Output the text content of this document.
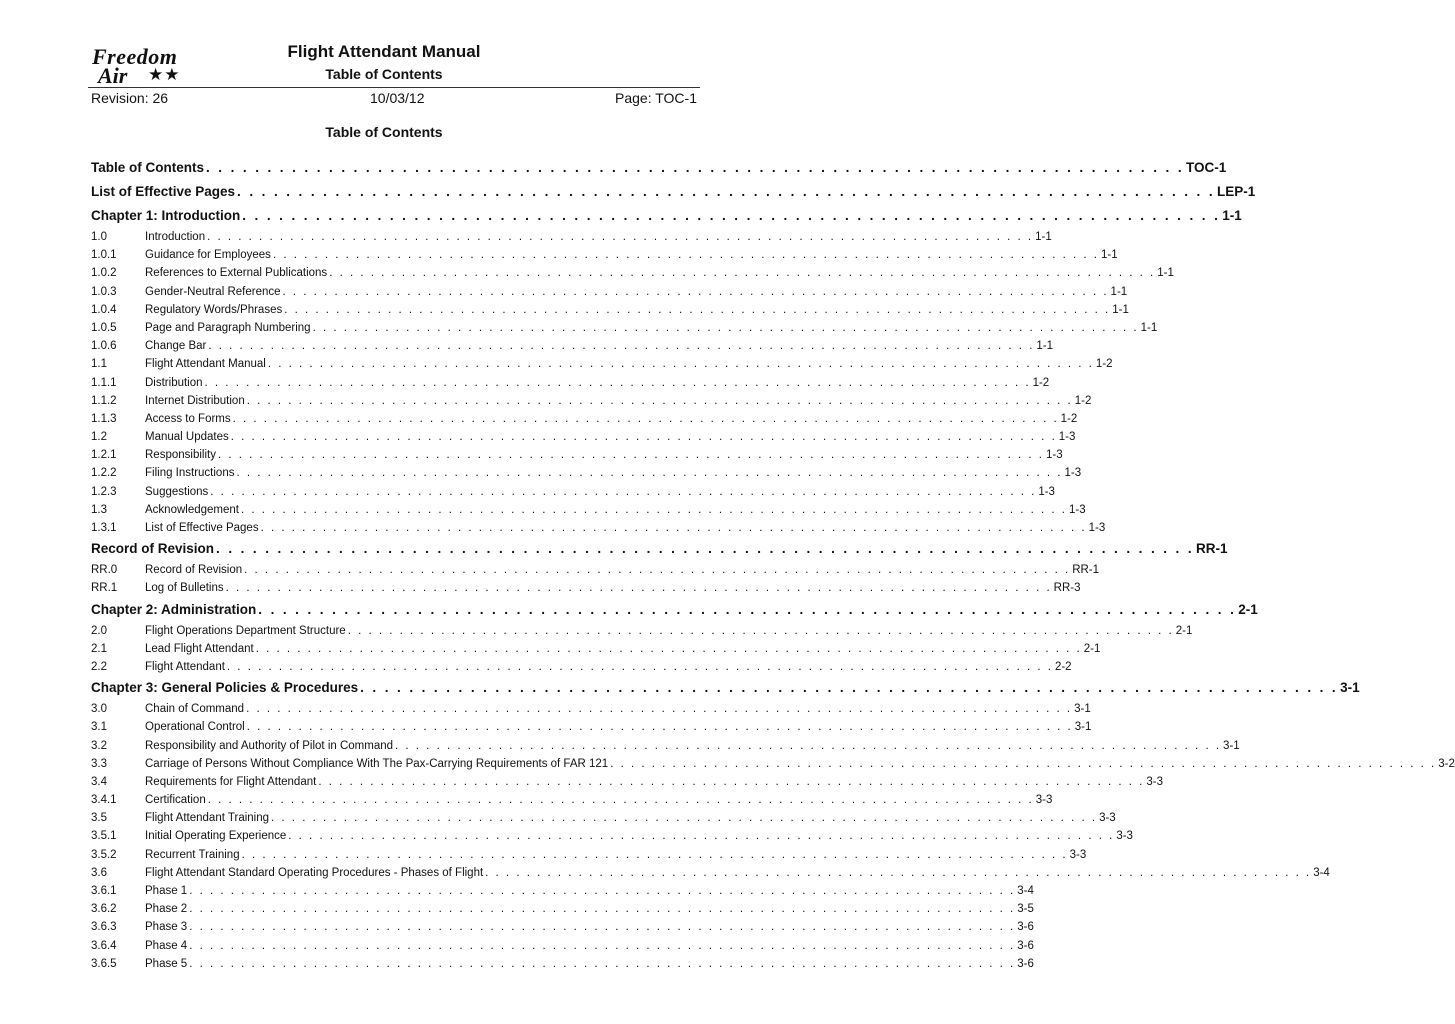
Freedom
Air ★★
Flight Attendant Manual
Table of Contents
Revision: 26	10/03/12	Page: TOC-1
Table of Contents
Table of Contents . . . . . . . . . . . . . . . . . . . . . . . . . . . . . . . . . . . . . . . . . . . . . . . . . . . . . . . . . . . . . . . . . . . . . . . . . . . . . . . . TOC-1
List of Effective Pages . . . . . . . . . . . . . . . . . . . . . . . . . . . . . . . . . . . . . . . . . . . . . . . . . . . . . . . . . . . . . . . . . . . . . . . . . . . . . . . . LEP-1
Chapter 1: Introduction . . . . . . . . . . . . . . . . . . . . . . . . . . . . . . . . . . . . . . . . . . . . . . . . . . . . . . . . . . . . . . . . . . . . . . . . . . . . . . . . 1-1
1.0	Introduction . . . . . . . . . . . . . . . . . . . . . . . . . . . . . . . . . . . . . . . . . . . . . . . . . . . . . . . . . . . . . . . . . . . . . . . . . . . . . . . . 1-1
1.0.1	Guidance for Employees . . . . . . . . . . . . . . . . . . . . . . . . . . . . . . . . . . . . . . . . . . . . . . . . . . . . . . . . . . . . . . . . . . . . . . . . . . . . . . . . 1-1
1.0.2	References to External Publications . . . . . . . . . . . . . . . . . . . . . . . . . . . . . . . . . . . . . . . . . . . . . . . . . . . . . . . . . . . . . . . . . . . . . . . . . . . . . . . . 1-1
1.0.3	Gender-Neutral Reference . . . . . . . . . . . . . . . . . . . . . . . . . . . . . . . . . . . . . . . . . . . . . . . . . . . . . . . . . . . . . . . . . . . . . . . . . . . . . . . . 1-1
1.0.4	Regulatory Words/Phrases . . . . . . . . . . . . . . . . . . . . . . . . . . . . . . . . . . . . . . . . . . . . . . . . . . . . . . . . . . . . . . . . . . . . . . . . . . . . . . . . 1-1
1.0.5	Page and Paragraph Numbering . . . . . . . . . . . . . . . . . . . . . . . . . . . . . . . . . . . . . . . . . . . . . . . . . . . . . . . . . . . . . . . . . . . . . . . . . . . . . . . . 1-1
1.0.6	Change Bar . . . . . . . . . . . . . . . . . . . . . . . . . . . . . . . . . . . . . . . . . . . . . . . . . . . . . . . . . . . . . . . . . . . . . . . . . . . . . . . . 1-1
1.1	Flight Attendant Manual . . . . . . . . . . . . . . . . . . . . . . . . . . . . . . . . . . . . . . . . . . . . . . . . . . . . . . . . . . . . . . . . . . . . . . . . . . . . . . . . 1-2
1.1.1	Distribution . . . . . . . . . . . . . . . . . . . . . . . . . . . . . . . . . . . . . . . . . . . . . . . . . . . . . . . . . . . . . . . . . . . . . . . . . . . . . . . . 1-2
1.1.2	Internet Distribution . . . . . . . . . . . . . . . . . . . . . . . . . . . . . . . . . . . . . . . . . . . . . . . . . . . . . . . . . . . . . . . . . . . . . . . . . . . . . . . . 1-2
1.1.3	Access to Forms . . . . . . . . . . . . . . . . . . . . . . . . . . . . . . . . . . . . . . . . . . . . . . . . . . . . . . . . . . . . . . . . . . . . . . . . . . . . . . . . 1-2
1.2	Manual Updates . . . . . . . . . . . . . . . . . . . . . . . . . . . . . . . . . . . . . . . . . . . . . . . . . . . . . . . . . . . . . . . . . . . . . . . . . . . . . . . . 1-3
1.2.1	Responsibility . . . . . . . . . . . . . . . . . . . . . . . . . . . . . . . . . . . . . . . . . . . . . . . . . . . . . . . . . . . . . . . . . . . . . . . . . . . . . . . . 1-3
1.2.2	Filing Instructions . . . . . . . . . . . . . . . . . . . . . . . . . . . . . . . . . . . . . . . . . . . . . . . . . . . . . . . . . . . . . . . . . . . . . . . . . . . . . . . . 1-3
1.2.3	Suggestions . . . . . . . . . . . . . . . . . . . . . . . . . . . . . . . . . . . . . . . . . . . . . . . . . . . . . . . . . . . . . . . . . . . . . . . . . . . . . . . . 1-3
1.3	Acknowledgement . . . . . . . . . . . . . . . . . . . . . . . . . . . . . . . . . . . . . . . . . . . . . . . . . . . . . . . . . . . . . . . . . . . . . . . . . . . . . . . . 1-3
1.3.1	List of Effective Pages . . . . . . . . . . . . . . . . . . . . . . . . . . . . . . . . . . . . . . . . . . . . . . . . . . . . . . . . . . . . . . . . . . . . . . . . . . . . . . . . 1-3
Record of Revision . . . . . . . . . . . . . . . . . . . . . . . . . . . . . . . . . . . . . . . . . . . . . . . . . . . . . . . . . . . . . . . . . . . . . . . . . . . . . . . . RR-1
RR.0	Record of Revision . . . . . . . . . . . . . . . . . . . . . . . . . . . . . . . . . . . . . . . . . . . . . . . . . . . . . . . . . . . . . . . . . . . . . . . . . . . . . . . . RR-1
RR.1	Log of Bulletins . . . . . . . . . . . . . . . . . . . . . . . . . . . . . . . . . . . . . . . . . . . . . . . . . . . . . . . . . . . . . . . . . . . . . . . . . . . . . . . . RR-3
Chapter 2: Administration . . . . . . . . . . . . . . . . . . . . . . . . . . . . . . . . . . . . . . . . . . . . . . . . . . . . . . . . . . . . . . . . . . . . . . . . . . . . . . . . 2-1
2.0	Flight Operations Department Structure . . . . . . . . . . . . . . . . . . . . . . . . . . . . . . . . . . . . . . . . . . . . . . . . . . . . . . . . . . . . . . . . . . . . . . . . . . . . . . . . 2-1
2.1	Lead Flight Attendant . . . . . . . . . . . . . . . . . . . . . . . . . . . . . . . . . . . . . . . . . . . . . . . . . . . . . . . . . . . . . . . . . . . . . . . . . . . . . . . . 2-1
2.2	Flight Attendant . . . . . . . . . . . . . . . . . . . . . . . . . . . . . . . . . . . . . . . . . . . . . . . . . . . . . . . . . . . . . . . . . . . . . . . . . . . . . . . . 2-2
Chapter 3: General Policies & Procedures . . . . . . . . . . . . . . . . . . . . . . . . . . . . . . . . . . . . . . . . . . . . . . . . . . . . . . . . . . . . . . . . . . . . . . . . . . . . . . . . 3-1
3.0	Chain of Command . . . . . . . . . . . . . . . . . . . . . . . . . . . . . . . . . . . . . . . . . . . . . . . . . . . . . . . . . . . . . . . . . . . . . . . . . . . . . . . . 3-1
3.1	Operational Control . . . . . . . . . . . . . . . . . . . . . . . . . . . . . . . . . . . . . . . . . . . . . . . . . . . . . . . . . . . . . . . . . . . . . . . . . . . . . . . . 3-1
3.2	Responsibility and Authority of Pilot in Command . . . . . . . . . . . . . . . . . . . . . . . . . . . . . . . . . . . . . . . . . . . . . . . . . . . . . . . . . . . . . . . . . . . . . . . . . . . . . . . . 3-1
3.3	Carriage of Persons Without Compliance With The Pax-Carrying Requirements of FAR 121 . . . . . . . . . . . . . . . . . . . . . . . . . . . . . . . . . . . . . . . . . . . . . . . . . . . . . . . . . . . . . . . . . . . . . . . . . . . . . . . . 3-2
3.4	Requirements for Flight Attendant . . . . . . . . . . . . . . . . . . . . . . . . . . . . . . . . . . . . . . . . . . . . . . . . . . . . . . . . . . . . . . . . . . . . . . . . . . . . . . . . 3-3
3.4.1	Certification . . . . . . . . . . . . . . . . . . . . . . . . . . . . . . . . . . . . . . . . . . . . . . . . . . . . . . . . . . . . . . . . . . . . . . . . . . . . . . . . 3-3
3.5	Flight Attendant Training . . . . . . . . . . . . . . . . . . . . . . . . . . . . . . . . . . . . . . . . . . . . . . . . . . . . . . . . . . . . . . . . . . . . . . . . . . . . . . . . 3-3
3.5.1	Initial Operating Experience . . . . . . . . . . . . . . . . . . . . . . . . . . . . . . . . . . . . . . . . . . . . . . . . . . . . . . . . . . . . . . . . . . . . . . . . . . . . . . . . 3-3
3.5.2	Recurrent Training . . . . . . . . . . . . . . . . . . . . . . . . . . . . . . . . . . . . . . . . . . . . . . . . . . . . . . . . . . . . . . . . . . . . . . . . . . . . . . . . 3-3
3.6	Flight Attendant Standard Operating Procedures - Phases of Flight . . . . . . . . . . . . . . . . . . . . . . . . . . . . . . . . . . . . . . . . . . . . . . . . . . . . . . . . . . . . . . . . . . . . . . . . . . . . . . . . 3-4
3.6.1	Phase 1 . . . . . . . . . . . . . . . . . . . . . . . . . . . . . . . . . . . . . . . . . . . . . . . . . . . . . . . . . . . . . . . . . . . . . . . . . . . . . . . . 3-4
3.6.2	Phase 2 . . . . . . . . . . . . . . . . . . . . . . . . . . . . . . . . . . . . . . . . . . . . . . . . . . . . . . . . . . . . . . . . . . . . . . . . . . . . . . . . 3-5
3.6.3	Phase 3 . . . . . . . . . . . . . . . . . . . . . . . . . . . . . . . . . . . . . . . . . . . . . . . . . . . . . . . . . . . . . . . . . . . . . . . . . . . . . . . . 3-6
3.6.4	Phase 4 . . . . . . . . . . . . . . . . . . . . . . . . . . . . . . . . . . . . . . . . . . . . . . . . . . . . . . . . . . . . . . . . . . . . . . . . . . . . . . . . 3-6
3.6.5	Phase 5 . . . . . . . . . . . . . . . . . . . . . . . . . . . . . . . . . . . . . . . . . . . . . . . . . . . . . . . . . . . . . . . . . . . . . . . . . . . . . . . . 3-6
